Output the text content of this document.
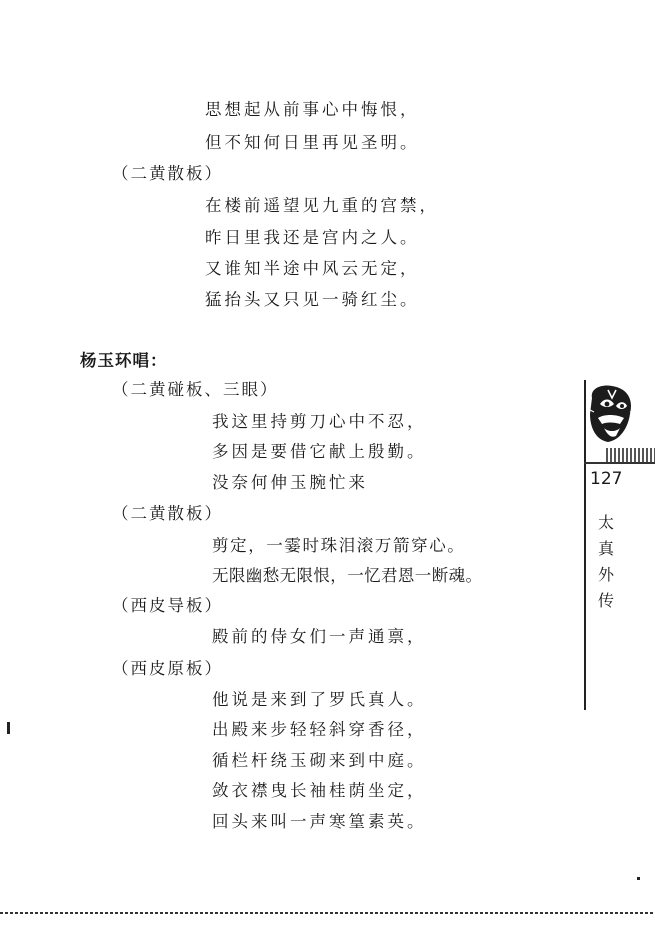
思想起从前事心中悔恨，
但不知何日里再见圣明。
（二黄散板）
在楼前遥望见九重的宫禁，
昨日里我还是宫内之人。
又谁知半途中风云无定，
猛抬头又只见一骑红尘。
杨玉环唱：
（二黄碰板、三眼）
我这里持剪刀心中不忍，
多因是要借它献上殷勤。
没奈何伸玉腕忙来
（二黄散板）
剪定，一霎时珠泪滚万箭穿心。
无限幽愁无限恨，一忆君恩一断魂。
（西皮导板）
殿前的侍女们一声通禀，
（西皮原板）
他说是来到了罗氏真人。
出殿来步轻轻斜穿香径，
循栏杆绕玉砌来到中庭。
敛衣襟曳长袖桂荫坐定，
回头来叫一声寒篁素英。
127
太真外传
